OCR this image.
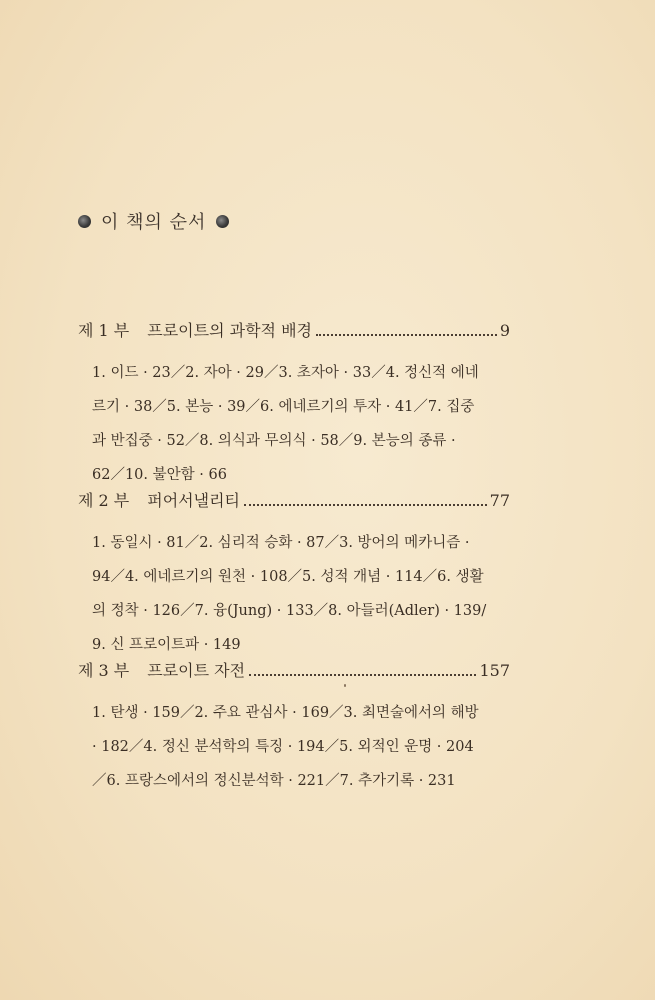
이 책의 순서
제 1 부 프로이트의 과학적 배경	9

1. 이드 · 23／2. 자아 · 29／3. 초자아 · 33／4. 정신적 에네

르기 · 38／5. 본능 · 39／6. 에네르기의 투자 · 41／7. 집중

과 반집중 · 52／8. 의식과 무의식 · 58／9. 본능의 종류 ·

62／10. 불안함 · 66

제 2 부 퍼어서낼리티	77

1. 동일시 · 81／2. 심리적 승화 · 87／3. 방어의 메카니즘 ·

94／4. 에네르기의 원천 · 108／5. 성적 개념 · 114／6. 생활

의 정착 · 126／7. 융(Jung) · 133／8. 아들러(Adler) · 139/

9. 신 프로이트파 · 149

제 3 부 프로이트 자전	157

1. 탄생 · 159／2. 주요 관심사 · 169／3. 최면술에서의 해방

· 182／4. 정신 분석학의 특징 · 194／5. 외적인 운명 · 204

／6. 프랑스에서의 정신분석학 · 221／7. 추가기록 · 231
